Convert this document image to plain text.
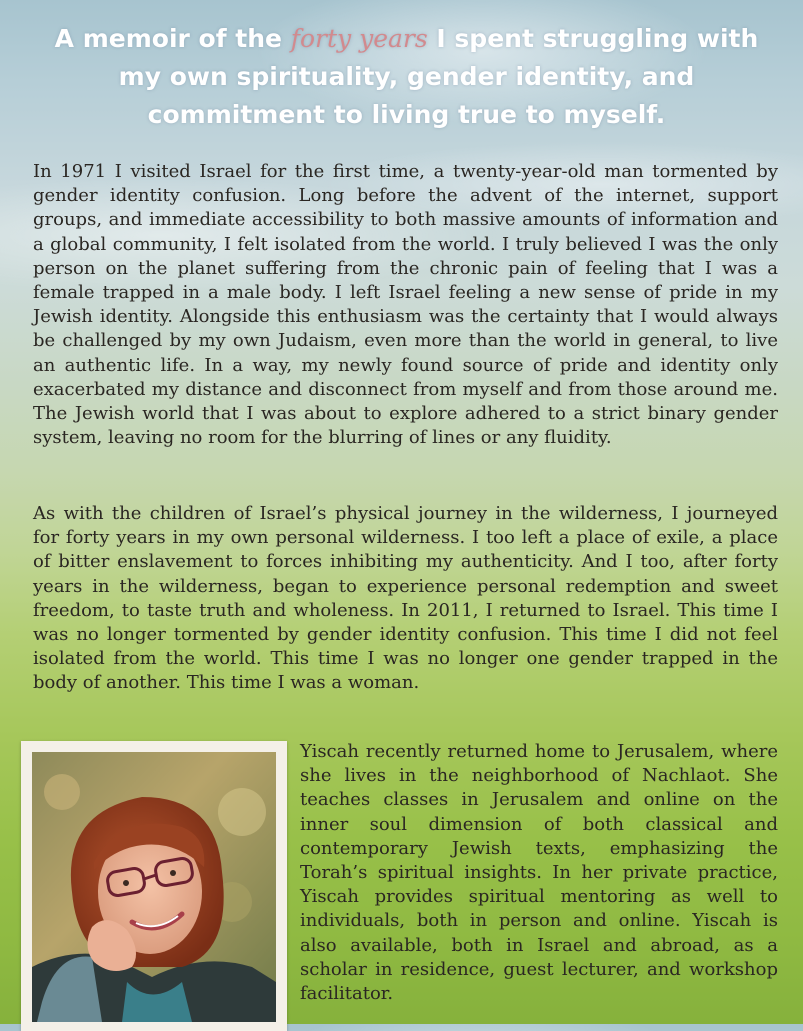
A memoir of the forty years I spent struggling with my own spirituality, gender identity, and commitment to living true to myself.

In 1971 I visited Israel for the first time, a twenty-year-old man tormented by gender identity confusion. Long before the advent of the internet, support groups, and immediate accessibility to both massive amounts of information and a global community, I felt isolated from the world. I truly believed I was the only person on the planet suffering from the chronic pain of feeling that I was a female trapped in a male body. I left Israel feeling a new sense of pride in my Jewish identity. Alongside this enthusiasm was the certainty that I would always be challenged by my own Judaism, even more than the world in general, to live an authentic life. In a way, my newly found source of pride and identity only exacerbated my distance and disconnect from myself and from those around me. The Jewish world that I was about to explore adhered to a strict binary gender system, leaving no room for the blurring of lines or any fluidity.

As with the children of Israel’s physical journey in the wilderness, I journeyed for forty years in my own personal wilderness. I too left a place of exile, a place of bitter enslavement to forces inhibiting my authenticity. And I too, after forty years in the wilderness, began to experience personal redemption and sweet freedom, to taste truth and wholeness. In 2011, I returned to Israel. This time I was no longer tormented by gender identity confusion. This time I did not feel isolated from the world. This time I was no longer one gender trapped in the body of another. This time I was a woman.

Yiscah recently returned home to Jerusalem, where she lives in the neighborhood of Nachlaot. She teaches classes in Jerusalem and online on the inner soul dimension of both classical and contemporary Jewish texts, emphasizing the Torah’s spiritual insights. In her private practice, Yiscah provides spiritual mentoring as well to individuals, both in person and online. Yiscah is also available, both in Israel and abroad, as a scholar in residence, guest lecturer, and workshop facilitator.
